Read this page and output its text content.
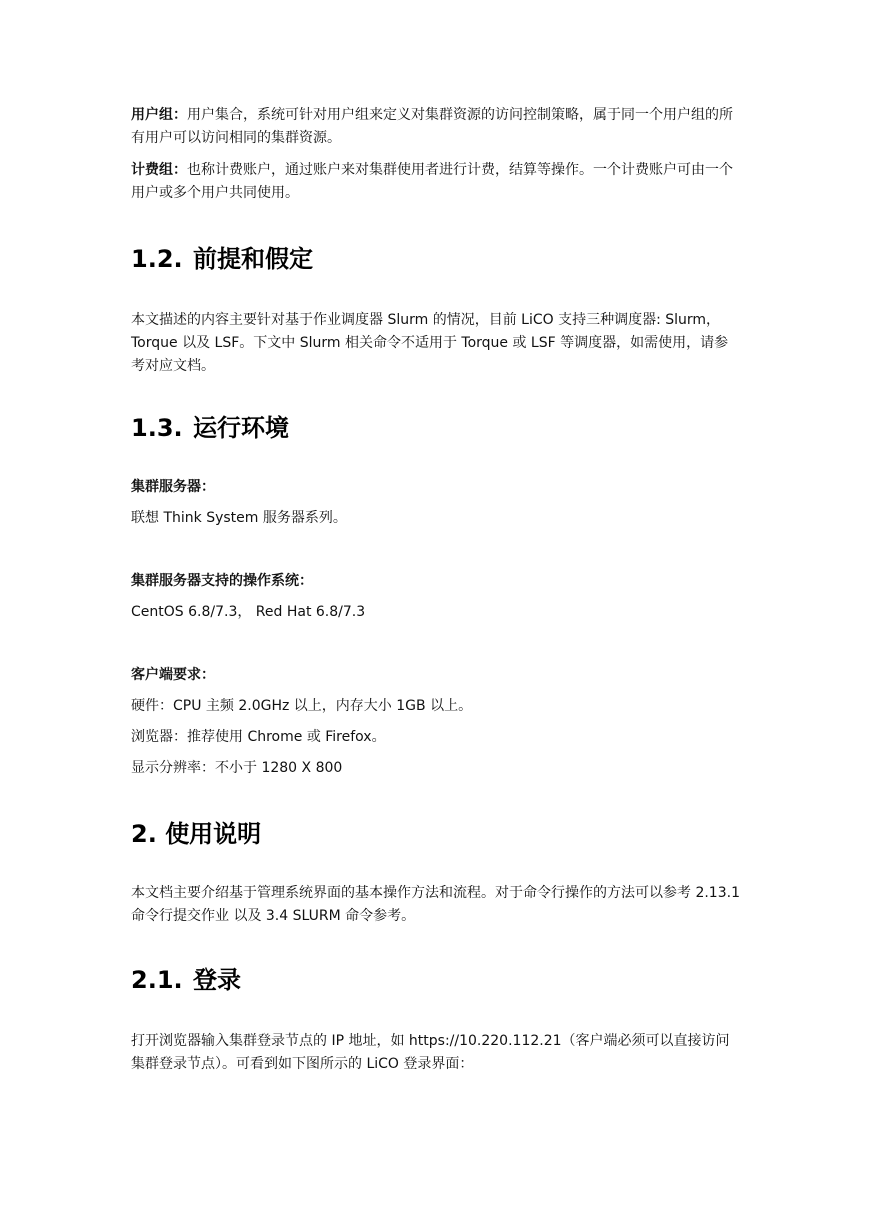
用户组：用户集合，系统可针对用户组来定义对集群资源的访问控制策略，属于同一个用户组的所有用户可以访问相同的集群资源。

计费组：也称计费账户，通过账户来对集群使用者进行计费，结算等操作。一个计费账户可由一个用户或多个用户共同使用。

1.2. 前提和假定

本文描述的内容主要针对基于作业调度器 Slurm 的情况，目前 LiCO 支持三种调度器: Slurm，Torque 以及 LSF。下文中 Slurm 相关命令不适用于 Torque 或 LSF 等调度器，如需使用，请参考对应文档。

1.3. 运行环境

集群服务器：

联想 Think System 服务器系列。

集群服务器支持的操作系统：

CentOS 6.8/7.3， Red Hat 6.8/7.3

客户端要求：

硬件：CPU 主频 2.0GHz 以上，内存大小 1GB 以上。

浏览器：推荐使用 Chrome 或 Firefox。

显示分辨率：不小于 1280 X 800

2. 使用说明

本文档主要介绍基于管理系统界面的基本操作方法和流程。对于命令行操作的方法可以参考 2.13.1 命令行提交作业 以及 3.4 SLURM 命令参考。

2.1. 登录

打开浏览器输入集群登录节点的 IP 地址，如 https://10.220.112.21（客户端必须可以直接访问集群登录节点）。可看到如下图所示的 LiCO 登录界面：
